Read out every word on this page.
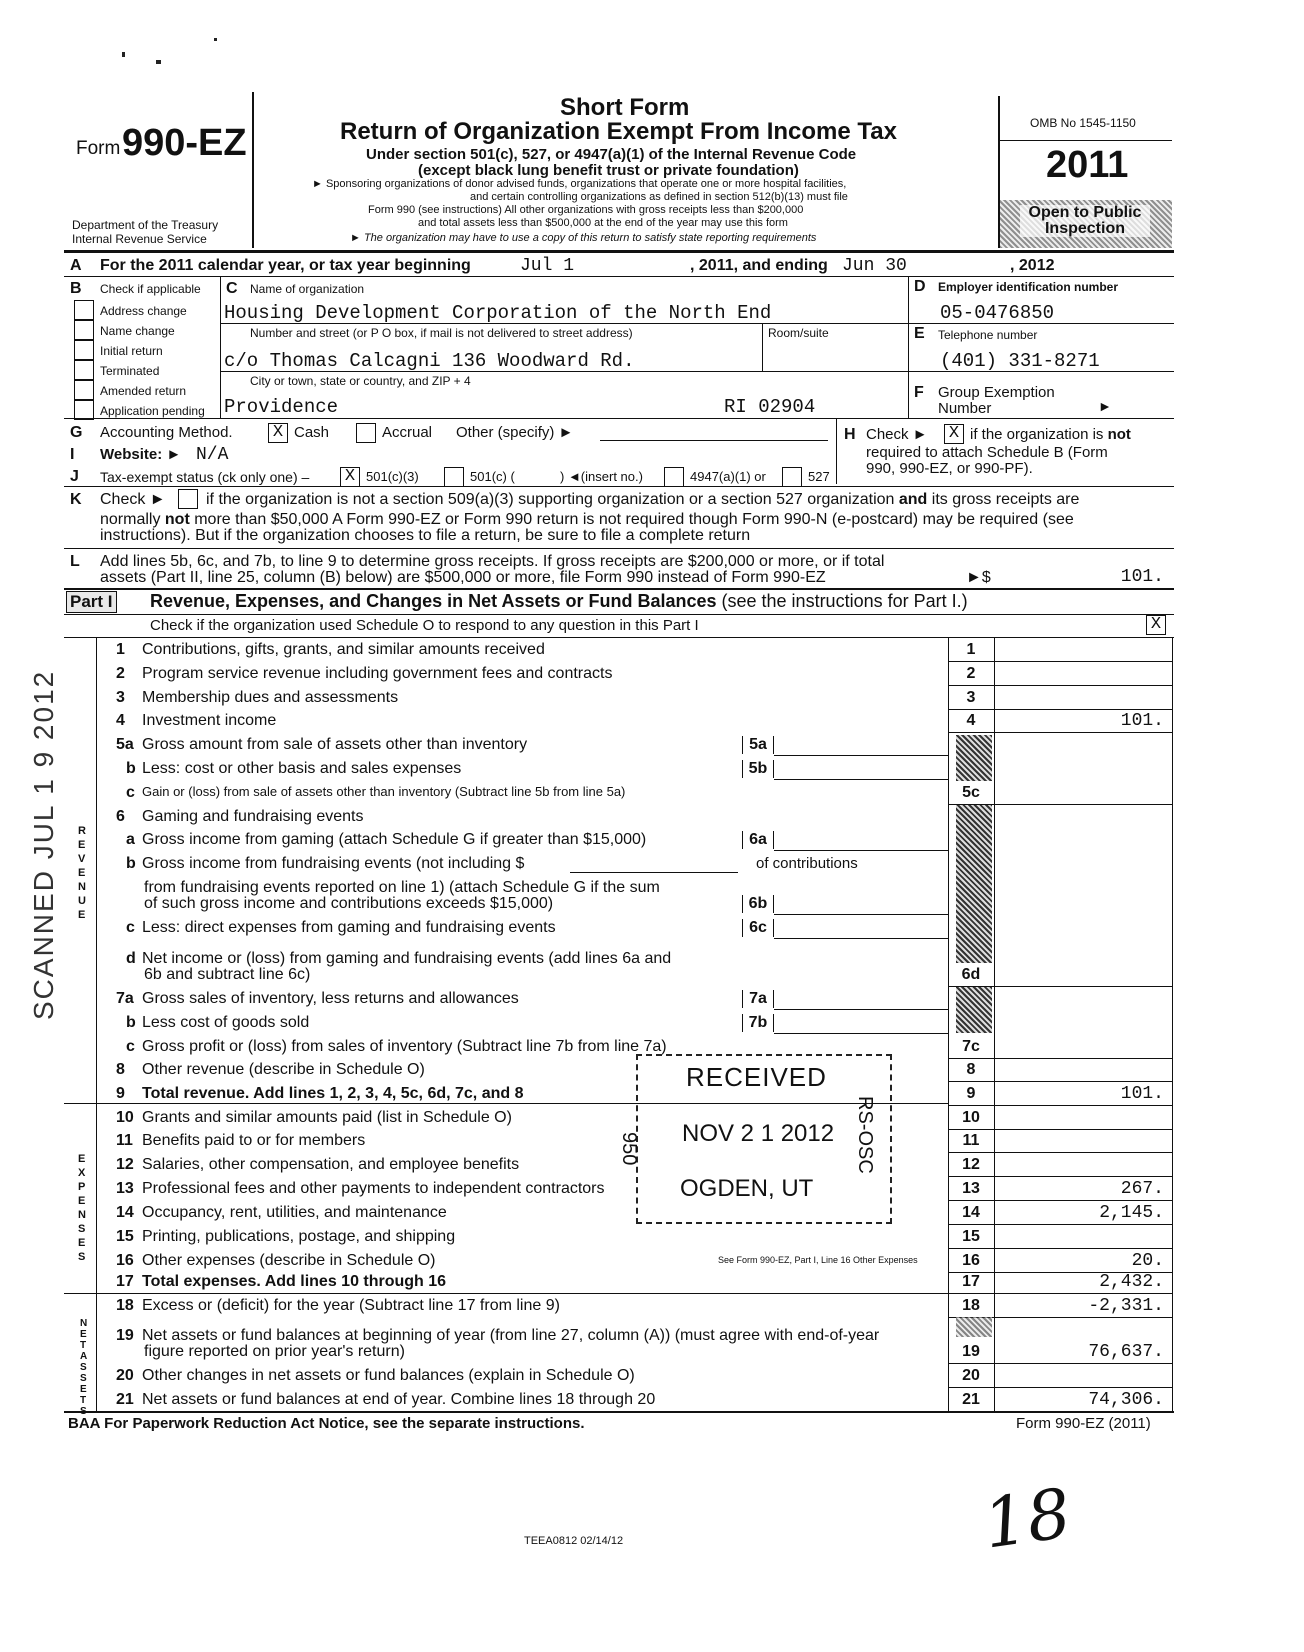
Form 990-EZ
Department of the Treasury
Internal Revenue Service
Short Form
Return of Organization Exempt From Income Tax
Under section 501(c), 527, or 4947(a)(1) of the Internal Revenue Code
(except black lung benefit trust or private foundation)
► Sponsoring organizations of donor advised funds, organizations that operate one or more hospital facilities,
and certain controlling organizations as defined in section 512(b)(13) must file
Form 990 (see instructions) All other organizations with gross receipts less than $200,000
and total assets less than $500,000 at the end of the year may use this form
► The organization may have to use a copy of this return to satisfy state reporting requirements
OMB No 1545-1150
2011
Open to Public Inspection
A For the 2011 calendar year, or tax year beginning	Jul 1	, 2011, and ending Jun 30	, 2012
B Check if applicable
Address change
Name change
Initial return
Terminated
Amended return
Application pending
C Name of organization
Housing Development Corporation of the North End
Number and street (or P O box, if mail is not delivered to street address)	Room/suite
c/o Thomas Calcagni 136 Woodward Rd.
City or town, state or country, and ZIP + 4
Providence	RI 02904
D Employer identification number
05-0476850
E Telephone number
(401) 331-8271
F Group Exemption
Number	►
G Accounting Method. X Cash	Accrual Other (specify) ►	H Check ► X if the organization is not
required to attach Schedule B (Form
990, 990-EZ, or 990-PF).
I Website: ► N/A
J Tax-exempt status (ck only one) – X 501(c)(3)	501(c) (	) ◄(insert no.)	4947(a)(1) or	527
K Check ►	if the organization is not a section 509(a)(3) supporting organization or a section 527 organization and its gross receipts are
normally not more than $50,000 A Form 990-EZ or Form 990 return is not required though Form 990-N (e-postcard) may be required (see
instructions). But if the organization chooses to file a return, be sure to file a complete return
L Add lines 5b, 6c, and 7b, to line 9 to determine gross receipts. If gross receipts are $200,000 or more, or if total
assets (Part II, line 25, column (B) below) are $500,000 or more, file Form 990 instead of Form 990-EZ	►$	101.
Part I Revenue, Expenses, and Changes in Net Assets or Fund Balances (see the instructions for Part I.)
Check if the organization used Schedule O to respond to any question in this Part I	X
REVENUE
EXPENSES
NET ASSETS
1 Contributions, gifts, grants, and similar amounts received	1
2 Program service revenue including government fees and contracts	2
3 Membership dues and assessments	3
4 Investment income	4	101.
5a Gross amount from sale of assets other than inventory	5a
b Less: cost or other basis and sales expenses	5b
c Gain or (loss) from sale of assets other than inventory (Subtract line 5b from line 5a)	5c
6 Gaming and fundraising events
a Gross income from gaming (attach Schedule G if greater than $15,000)	6a
b Gross income from fundraising events (not including $
from fundraising events reported on line 1) (attach Schedule G if the sum
of such gross income and contributions exceeds $15,000)	6b
c Less: direct expenses from gaming and fundraising events	6c
d Net income or (loss) from gaming and fundraising events (add lines 6a and
6b and subtract line 6c)	6d
7a Gross sales of inventory, less returns and allowances	7a
b Less cost of goods sold	7b
c Gross profit or (loss) from sales of inventory (Subtract line 7b from line 7a)	7c
8 Other revenue (describe in Schedule O)	8
9 Total revenue. Add lines 1, 2, 3, 4, 5c, 6d, 7c, and 8	9	101.
10 Grants and similar amounts paid (list in Schedule O)	10
11 Benefits paid to or for members	11
12 Salaries, other compensation, and employee benefits	12
13 Professional fees and other payments to independent contractors	13	267.
14 Occupancy, rent, utilities, and maintenance	14	2,145.
15 Printing, publications, postage, and shipping	15
16 Other expenses (describe in Schedule O)	16	20.
17 Total expenses. Add lines 10 through 16	17	2,432.
18 Excess or (deficit) for the year (Subtract line 17 from line 9)	18	-2,331.
19 Net assets or fund balances at beginning of year (from line 27, column (A)) (must agree with end-of-year
figure reported on prior year's return)	19	76,637.
20 Other changes in net assets or fund balances (explain in Schedule O)	20
21 Net assets or fund balances at end of year. Combine lines 18 through 20	21	74,306.
of contributions
See Form 990-EZ, Part I, Line 16 Other Expenses
RECEIVED
NOV 2 1 2012
OGDEN, UT
950	RS-OSC
SCANNED JUL 1 9 2012
BAA For Paperwork Reduction Act Notice, see the separate instructions.	Form 990-EZ (2011)
TEEA0812 02/14/12	18
